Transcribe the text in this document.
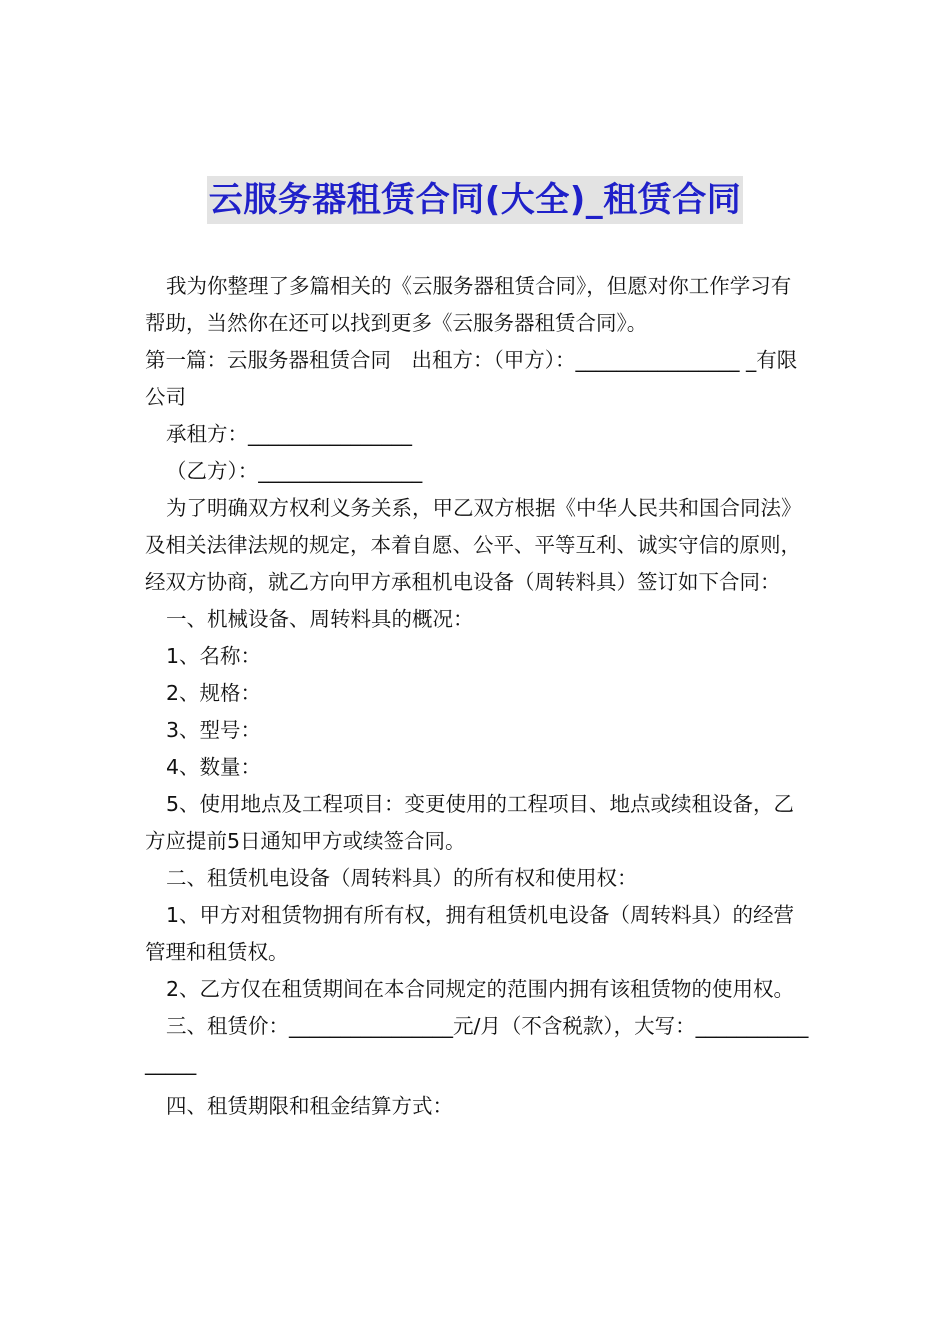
云服务器租赁合同(大全)_租赁合同

我为你整理了多篇相关的《云服务器租赁合同》，但愿对你工作学习有帮助，当然你在还可以找到更多《云服务器租赁合同》。

第一篇：云服务器租赁合同　出租方：（甲方）：________________ _有限公司

承租方：________________

（乙方）：________________

为了明确双方权利义务关系，甲乙双方根据《中华人民共和国合同法》及相关法律法规的规定，本着自愿、公平、平等互利、诚实守信的原则，经双方协商，就乙方向甲方承租机电设备（周转料具）签订如下合同：

一、机械设备、周转料具的概况：

1、名称：

2、规格：

3、型号：

4、数量：

5、使用地点及工程项目：变更使用的工程项目、地点或续租设备，乙方应提前5日通知甲方或续签合同。

二、租赁机电设备（周转料具）的所有权和使用权：

1、甲方对租赁物拥有所有权，拥有租赁机电设备（周转料具）的经营管理和租赁权。

2、乙方仅在租赁期间在本合同规定的范围内拥有该租赁物的使用权。

三、租赁价：________________元/月（不含税款），大写：________________

四、租赁期限和租金结算方式：
